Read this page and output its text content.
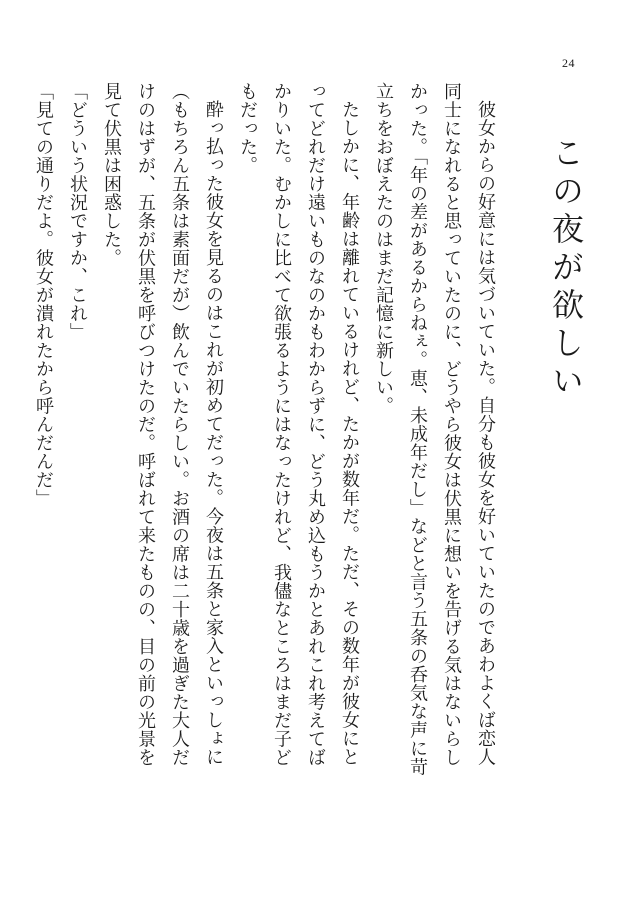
24
この夜が欲しい

彼女からの好意には気づいていた。自分も彼女を好いていたのであわよくば恋人同士になれると思っていたのに、どうやら彼女は伏黒に想いを告げる気はないらしかった。「年の差があるからねぇ。恵、未成年だし」などと言う五条の呑気な声に苛立ちをおぼえたのはまだ記憶に新しい。

たしかに、年齢は離れているけれど、たかが数年だ。ただ、その数年が彼女にとってどれだけ遠いものなのかもわからずに、どう丸め込もうかとあれこれ考えてばかりいた。むかしに比べて欲張るようにはなったけれど、我儘なところはまだ子どもだった。

酔っ払った彼女を見るのはこれが初めてだった。今夜は五条と家入といっしょに（もちろん五条は素面だが）飲んでいたらしい。お酒の席は二十歳を過ぎた大人だけのはずが、五条が伏黒を呼びつけたのだ。呼ばれて来たものの、目の前の光景を見て伏黒は困惑した。

「どういう状況ですか、これ」

「見ての通りだよ。彼女が潰れたから呼んだんだ」
